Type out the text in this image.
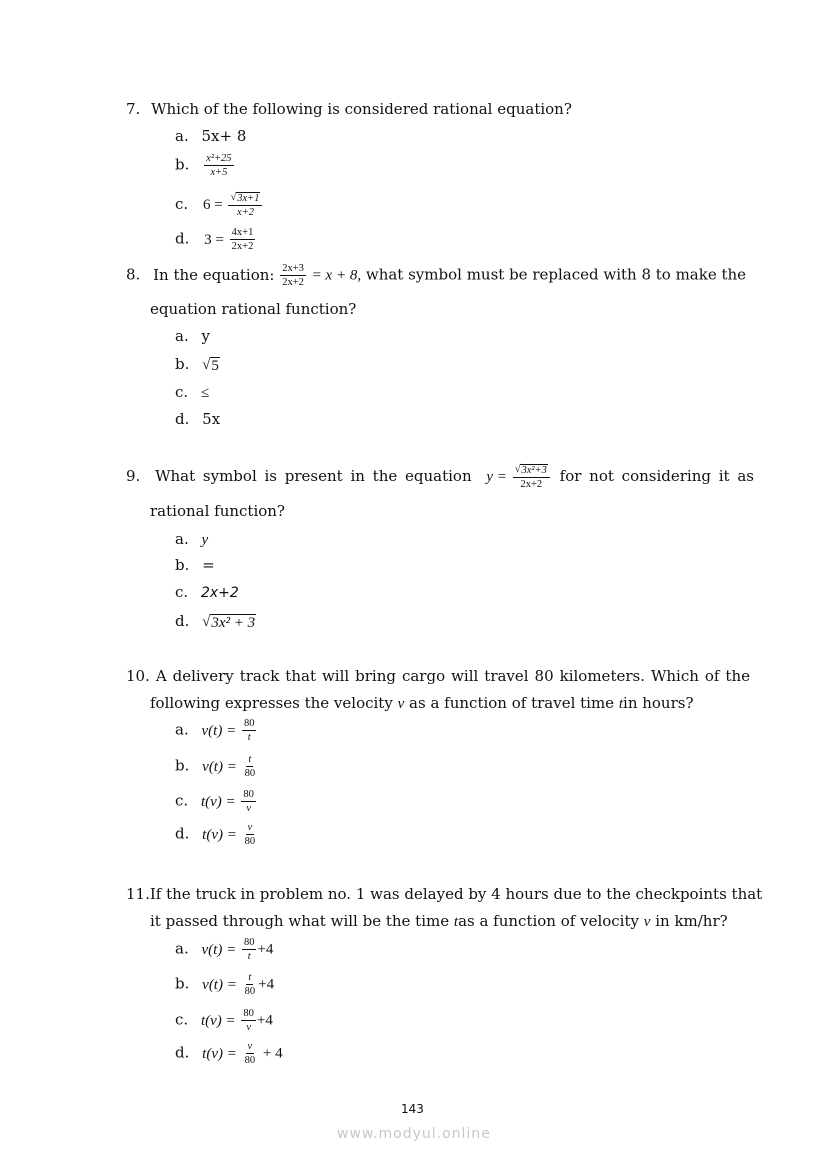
7. Which of the following is considered rational equation?
a. 5x+ 8
b. $\frac{\text{x²+25}}{x+5}$
c. $6 = \frac{√ 3x+1}{x+2}$
d. $3 = \frac{4x+1}{2x+2}$
8. In the equation: $\frac{2x+3}{2x+2} = x + 8$, what symbol must be replaced with 8 to make the
equation rational function?
a. y
b. √ 5
c. ≤
d. 5x
9. What symbol is present in the equation $y = \frac{\text{√ 3x²+3}}{2x+2}$ for not considering it as
rational function?
a. y
b. =
c. 2x+2
d. √ 3x² + 3
10. A delivery track that will bring cargo will travel 80 kilometers. Which of the
following expresses the velocity v as a function of travel time tin hours?
a. $v(t) = \frac{80}{t}$
b. $v(t) = \frac{t}{80}$
c. $t(v) = \frac{80}{v}$
d. $t(v) = \frac{v}{80}$
11.If the truck in problem no. 1 was delayed by 4 hours due to the checkpoints that
it passed through what will be the time tas a function of velocity v in km/hr?
a. $v(t) = \frac{80}{t} +4$
b. $v(t) = \frac{t}{80} +4$
c. $t(v) = \frac{80}{v} +4$
d. $t(v) = \frac{v}{80} + 4$
143
www.modyul.online
